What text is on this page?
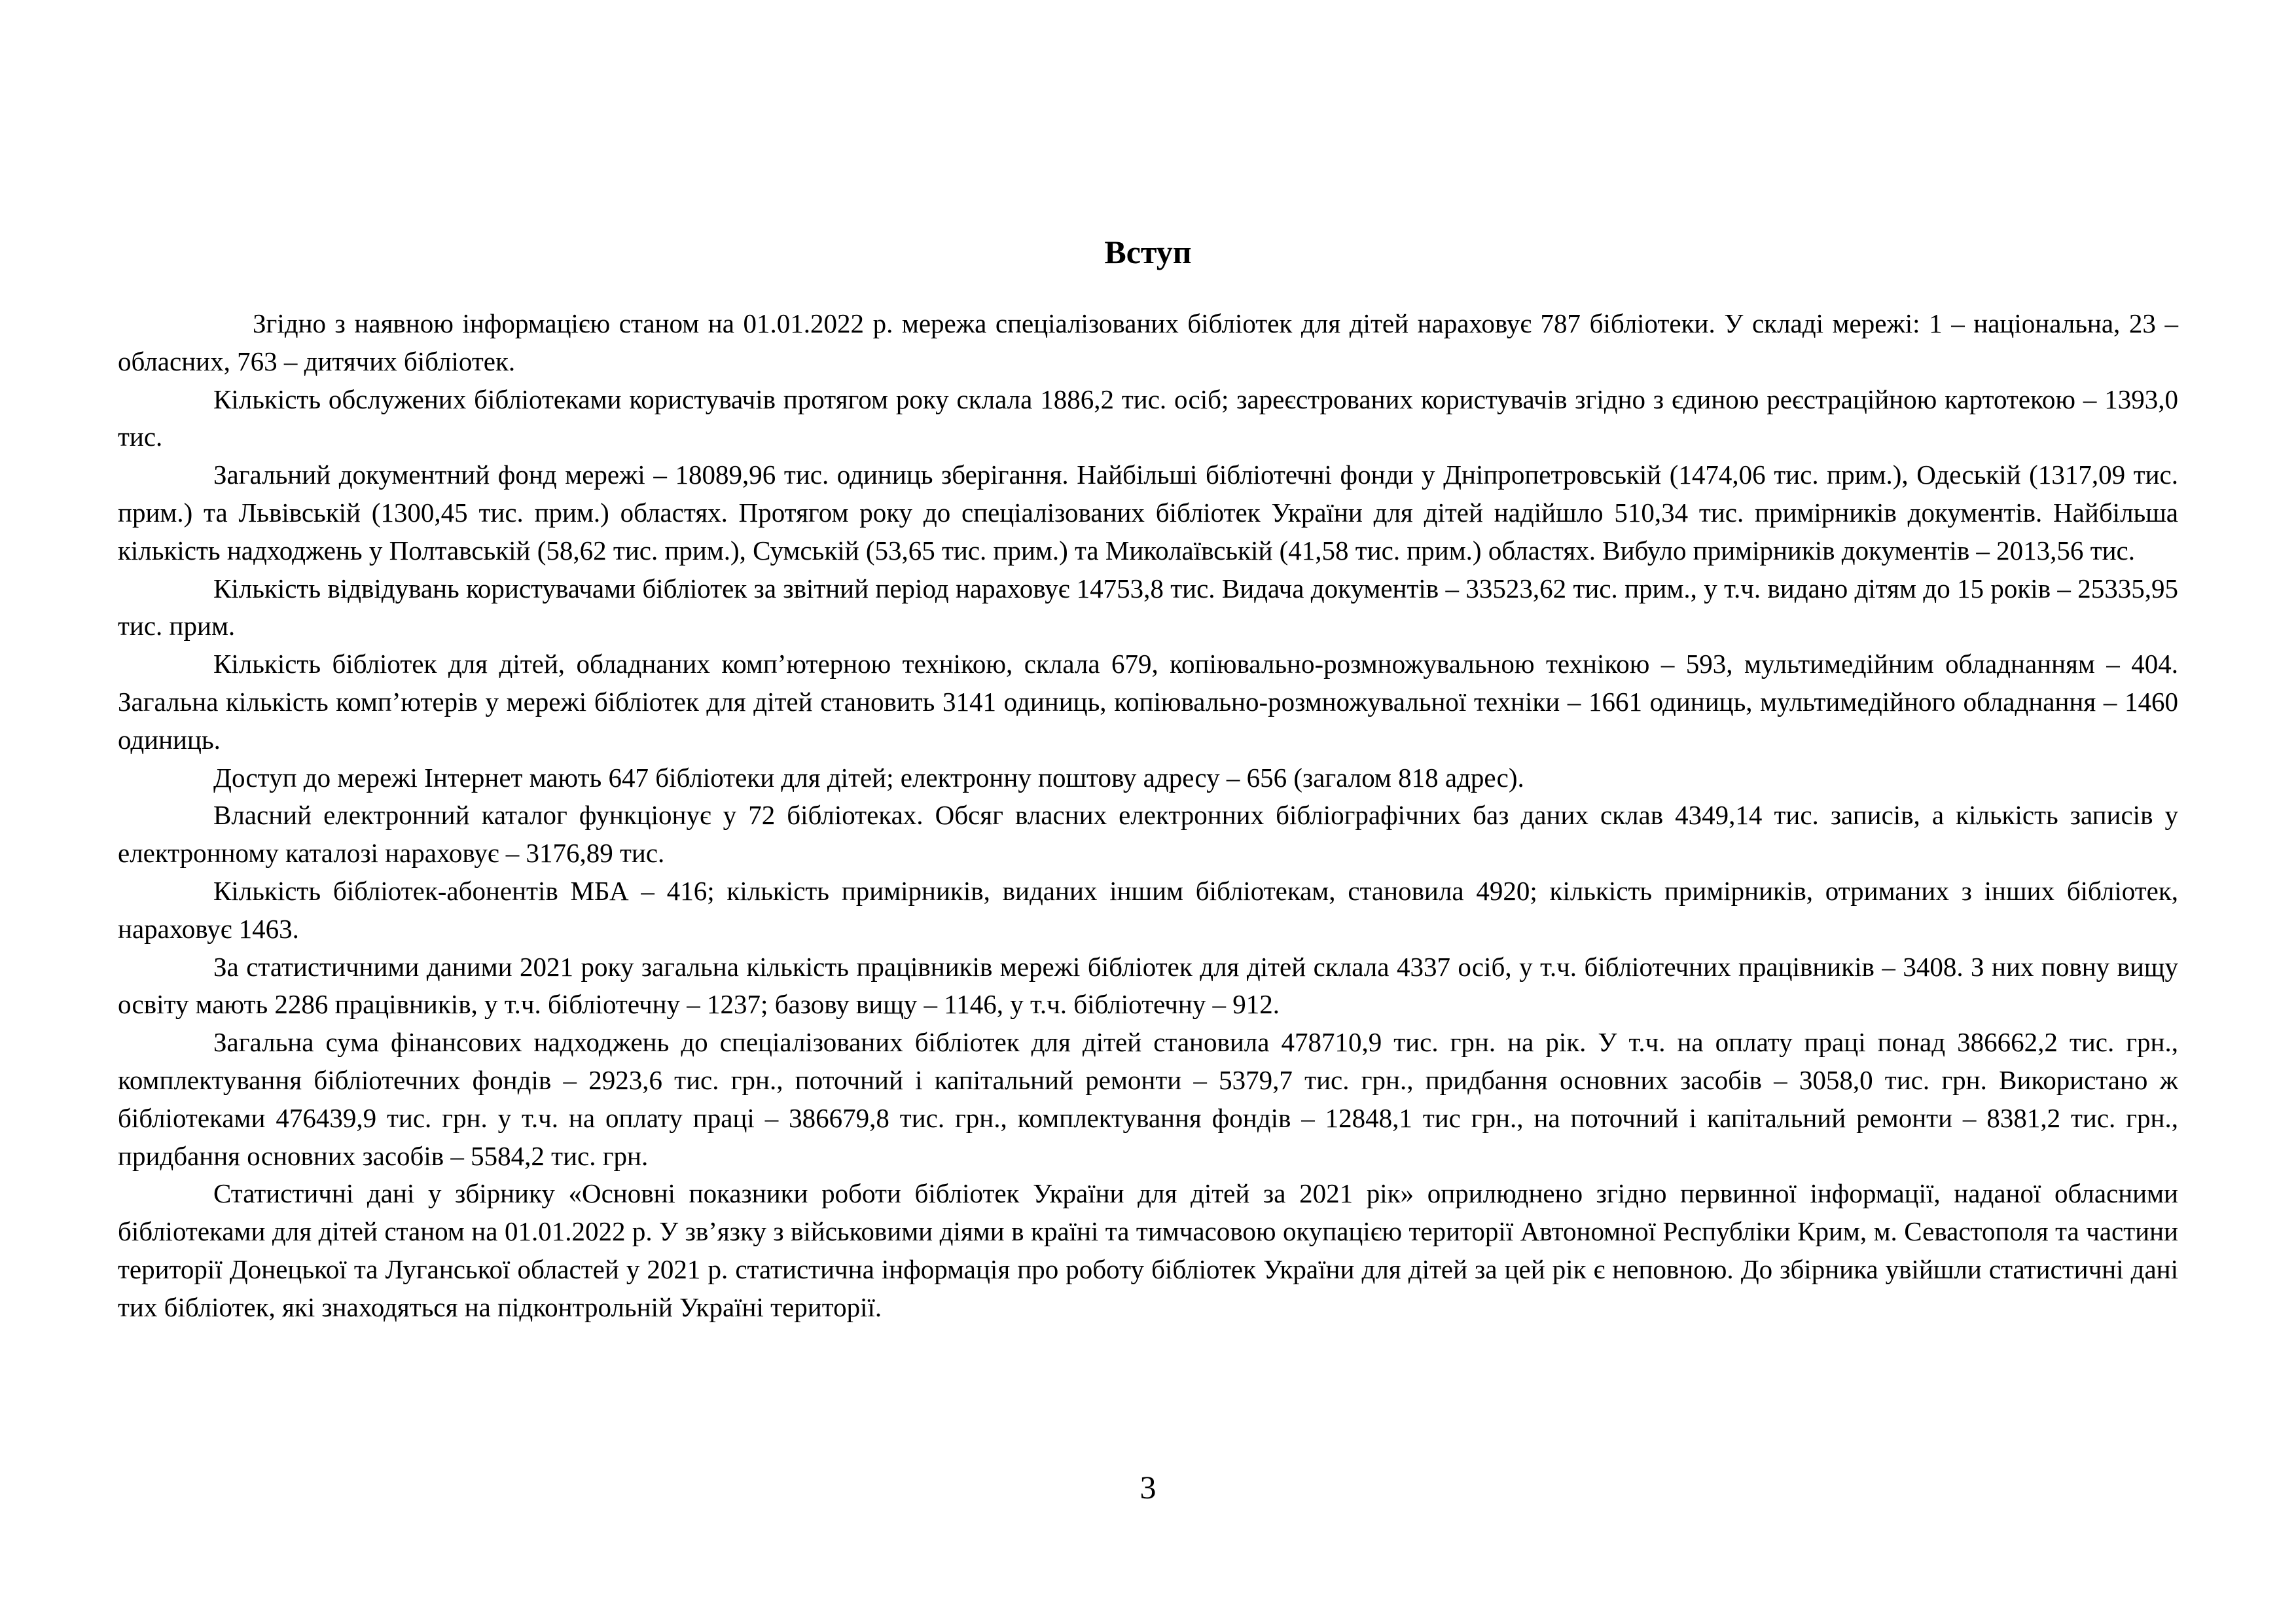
Вступ

Згідно з наявною інформацією станом на 01.01.2022 р. мережа спеціалізованих бібліотек для дітей нараховує 787 бібліотеки. У складі мережі: 1 – національна, 23 – обласних, 763 – дитячих бібліотек.

Кількість обслужених бібліотеками користувачів протягом року склала 1886,2 тис. осіб; зареєстрованих користувачів згідно з єдиною реєстраційною картотекою – 1393,0 тис.

Загальний документний фонд мережі – 18089,96 тис. одиниць зберігання. Найбільші бібліотечні фонди у Дніпропетровській (1474,06 тис. прим.), Одеській (1317,09 тис. прим.) та Львівській (1300,45 тис. прим.) областях. Протягом року до спеціалізованих бібліотек України для дітей надійшло 510,34 тис. примірників документів. Найбільша кількість надходжень у Полтавській (58,62 тис. прим.), Сумській (53,65 тис. прим.) та Миколаївській (41,58 тис. прим.) областях. Вибуло примірників документів – 2013,56 тис.

Кількість відвідувань користувачами бібліотек за звітний період нараховує 14753,8 тис. Видача документів – 33523,62 тис. прим., у т.ч. видано дітям до 15 років – 25335,95 тис. прим.

Кількість бібліотек для дітей, обладнаних комп’ютерною технікою, склала 679, копіювально-розмножувальною технікою – 593, мультимедійним обладнанням – 404. Загальна кількість комп’ютерів у мережі бібліотек для дітей становить 3141 одиниць, копіювально-розмножувальної техніки – 1661 одиниць, мультимедійного обладнання – 1460 одиниць.

Доступ до мережі Інтернет мають 647 бібліотеки для дітей; електронну поштову адресу – 656 (загалом 818 адрес).

Власний електронний каталог функціонує у 72 бібліотеках. Обсяг власних електронних бібліографічних баз даних склав 4349,14 тис. записів, а кількість записів у електронному каталозі нараховує – 3176,89 тис.

Кількість бібліотек-абонентів МБА – 416; кількість примірників, виданих іншим бібліотекам, становила 4920; кількість примірників, отриманих з інших бібліотек, нараховує 1463.

За статистичними даними 2021 року загальна кількість працівників мережі бібліотек для дітей склала 4337 осіб, у т.ч. бібліотечних працівників – 3408. З них повну вищу освіту мають 2286 працівників, у т.ч. бібліотечну – 1237; базову вищу – 1146, у т.ч. бібліотечну – 912.

Загальна сума фінансових надходжень до спеціалізованих бібліотек для дітей становила 478710,9 тис. грн. на рік. У т.ч. на оплату праці понад 386662,2 тис. грн., комплектування бібліотечних фондів – 2923,6 тис. грн., поточний і капітальний ремонти – 5379,7 тис. грн., придбання основних засобів – 3058,0 тис. грн. Використано ж бібліотеками 476439,9 тис. грн. у т.ч. на оплату праці – 386679,8 тис. грн., комплектування фондів – 12848,1 тис грн., на поточний і капітальний ремонти – 8381,2 тис. грн., придбання основних засобів – 5584,2 тис. грн.

Статистичні дані у збірнику «Основні показники роботи бібліотек України для дітей за 2021 рік» оприлюднено згідно первинної інформації, наданої обласними бібліотеками для дітей станом на 01.01.2022 р. У зв’язку з військовими діями в країні та тимчасовою окупацією території Автономної Республіки Крим, м. Севастополя та частини території Донецької та Луганської областей у 2021 р. статистична інформація про роботу бібліотек України для дітей за цей рік є неповною. До збірника увійшли статистичні дані тих бібліотек, які знаходяться на підконтрольній Україні території.

3
